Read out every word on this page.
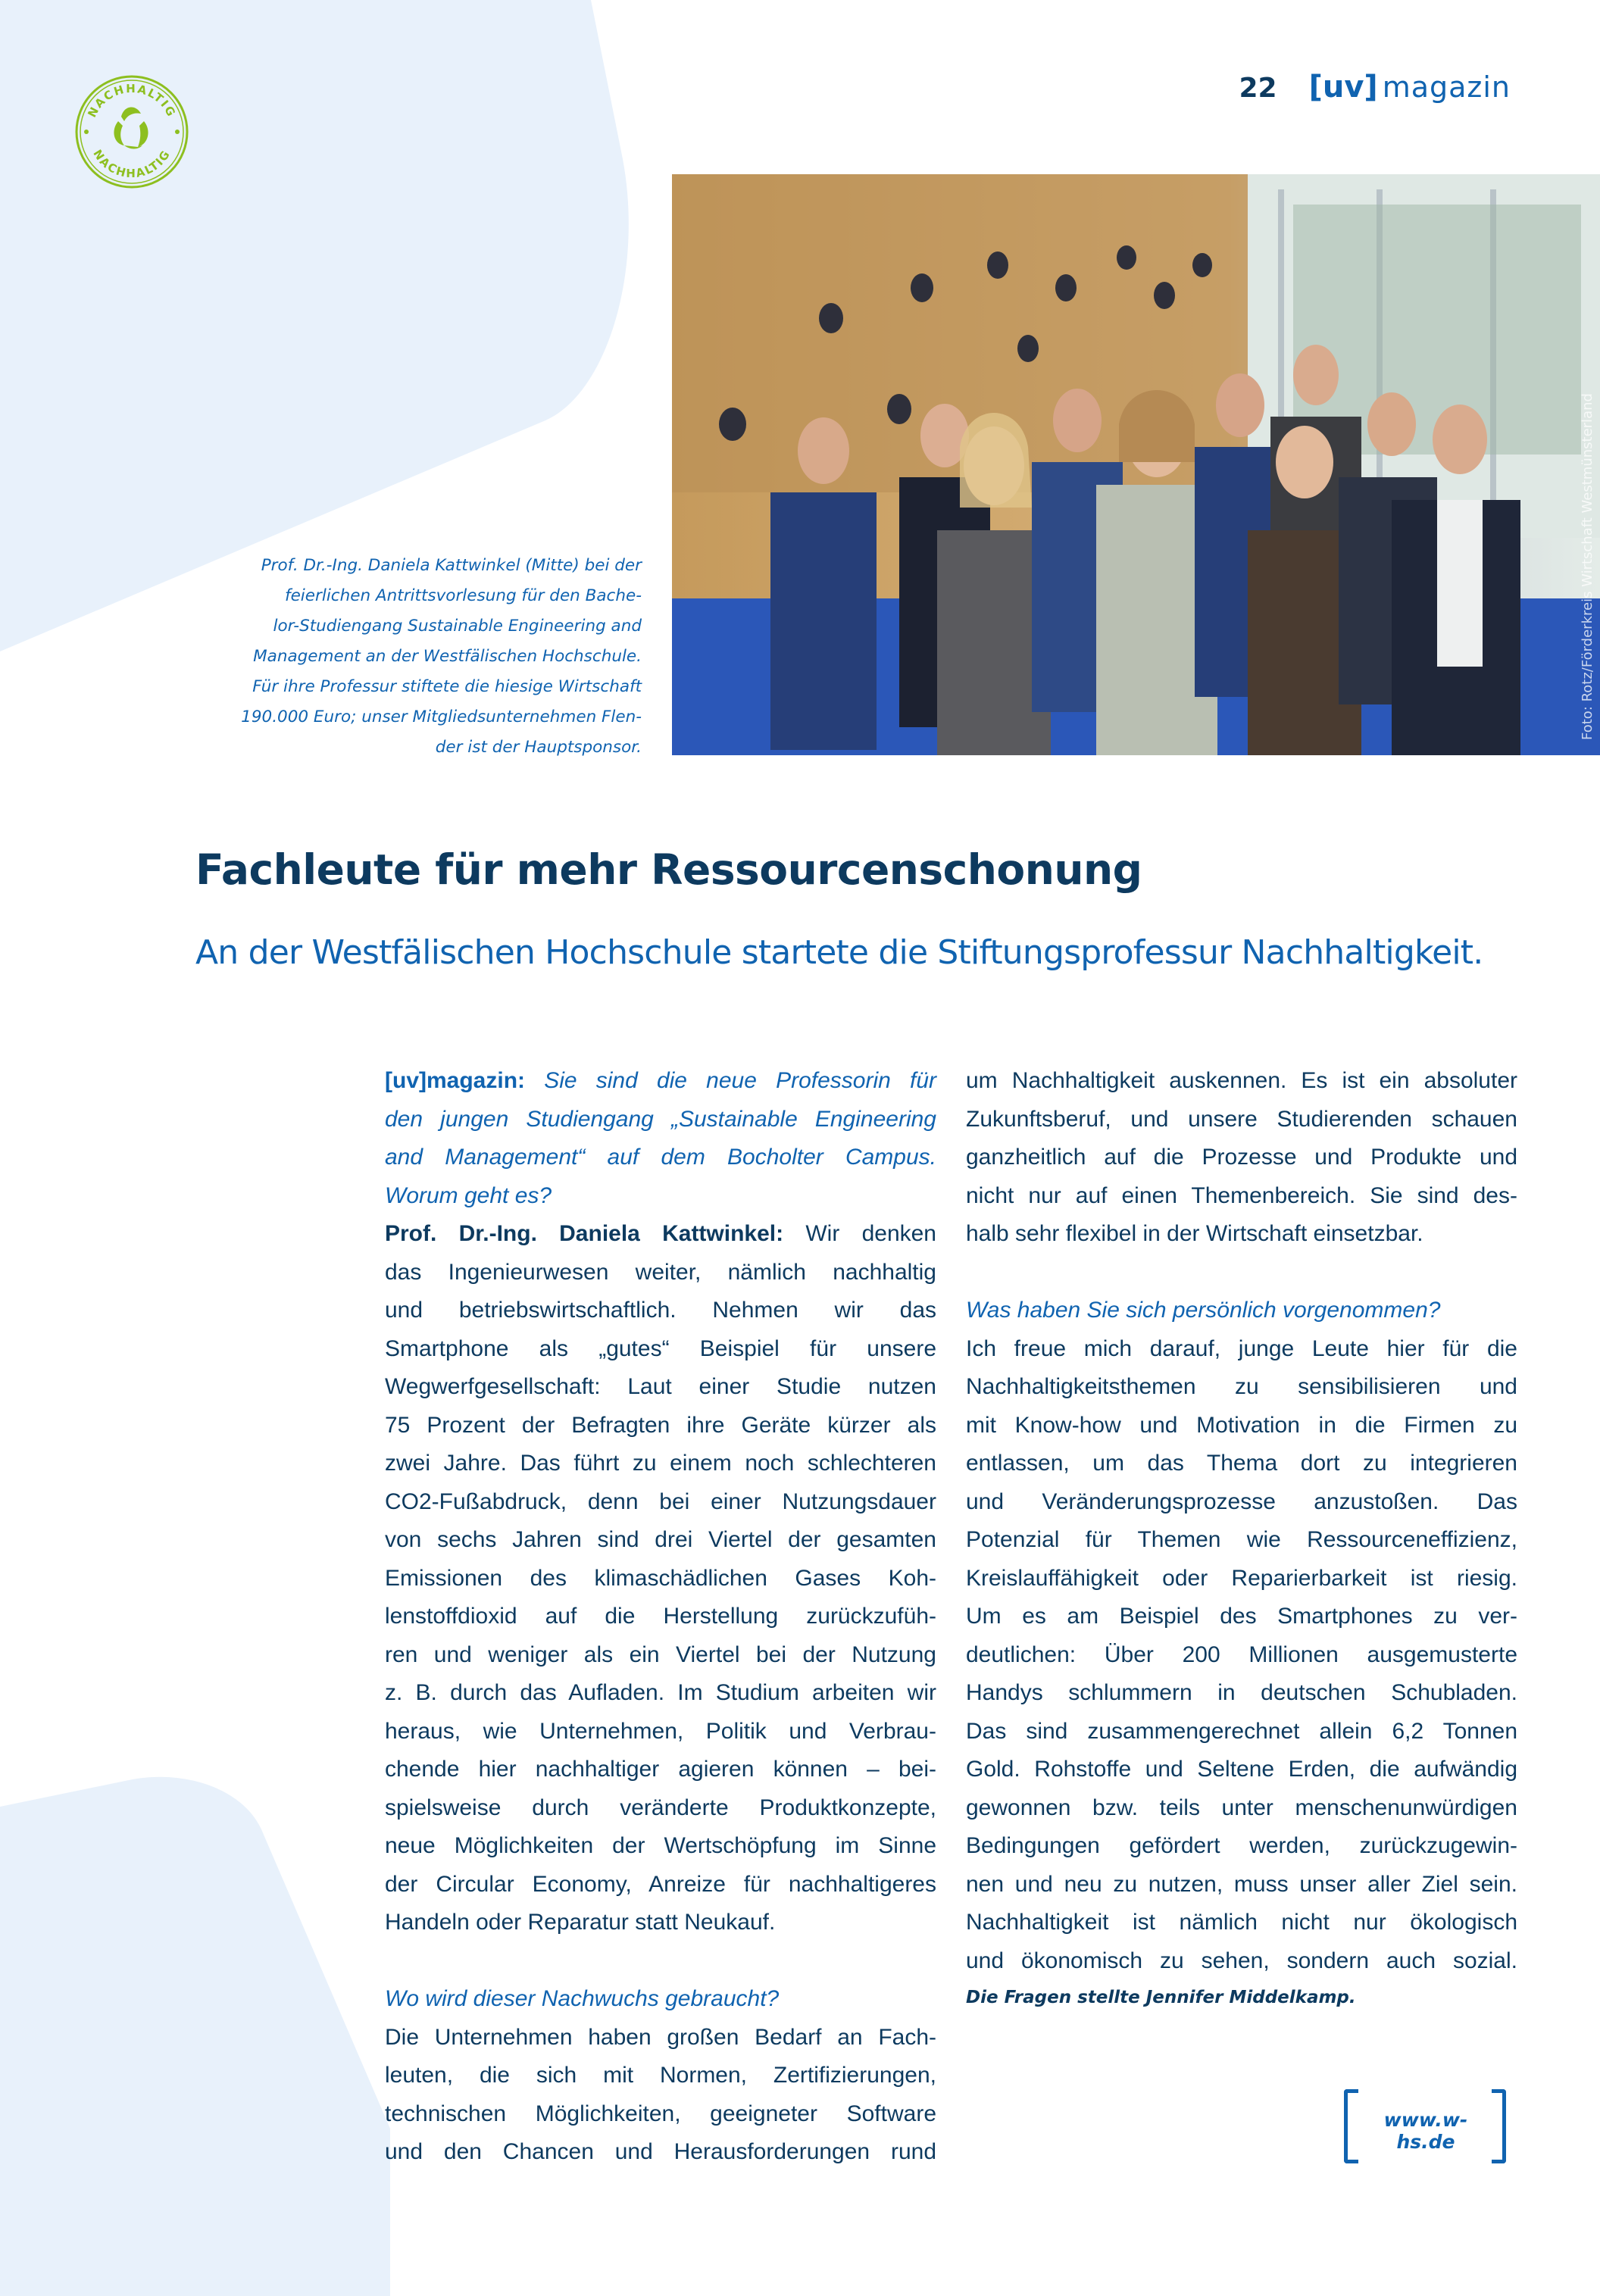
22 [uv] magazin
NACHHALTIG
NACHHALTIG
Foto: Rotz/Förderkreis Wirtschaft Westmünsterland
Prof. Dr.-Ing. Daniela Kattwinkel (Mitte) bei der
feierlichen Antrittsvorlesung für den Bache-
lor-Studiengang Sustainable Engineering and
Management an der Westfälischen Hochschule.
Für ihre Professur stiftete die hiesige Wirtschaft
190.000 Euro; unser Mitgliedsunternehmen Flen-
der ist der Hauptsponsor.
Fachleute für mehr Ressourcenschonung
An der Westfälischen Hochschule startete die Stiftungsprofessur Nachhaltigkeit.
[uv]magazin: Sie sind die neue Professorin für
den jungen Studiengang „Sustainable Engineering
and Management“ auf dem Bocholter Campus.
Worum geht es?
Prof. Dr.-Ing. Daniela Kattwinkel: Wir denken
das Ingenieurwesen weiter, nämlich nachhaltig
und betriebswirtschaftlich. Nehmen wir das
Smartphone als „gutes“ Beispiel für unsere
Wegwerfgesellschaft: Laut einer Studie nutzen
75 Prozent der Befragten ihre Geräte kürzer als
zwei Jahre. Das führt zu einem noch schlechteren
CO2-Fußabdruck, denn bei einer Nutzungsdauer
von sechs Jahren sind drei Viertel der gesamten
Emissionen des klimaschädlichen Gases Koh-
lenstoffdioxid auf die Herstellung zurückzufüh-
ren und weniger als ein Viertel bei der Nutzung
z. B. durch das Aufladen. Im Studium arbeiten wir
heraus, wie Unternehmen, Politik und Verbrau-
chende hier nachhaltiger agieren können – bei-
spielsweise durch veränderte Produktkonzepte,
neue Möglichkeiten der Wertschöpfung im Sinne
der Circular Economy, Anreize für nachhaltigeres
Handeln oder Reparatur statt Neukauf.
Wo wird dieser Nachwuchs gebraucht?
Die Unternehmen haben großen Bedarf an Fach-
leuten, die sich mit Normen, Zertifizierungen,
technischen Möglichkeiten, geeigneter Software
und den Chancen und Herausforderungen rund
um Nachhaltigkeit auskennen. Es ist ein absoluter
Zukunftsberuf, und unsere Studierenden schauen
ganzheitlich auf die Prozesse und Produkte und
nicht nur auf einen Themenbereich. Sie sind des-
halb sehr flexibel in der Wirtschaft einsetzbar.
Was haben Sie sich persönlich vorgenommen?
Ich freue mich darauf, junge Leute hier für die
Nachhaltigkeitsthemen zu sensibilisieren und
mit Know-how und Motivation in die Firmen zu
entlassen, um das Thema dort zu integrieren
und Veränderungsprozesse anzustoßen. Das
Potenzial für Themen wie Ressourceneffizienz,
Kreislauffähigkeit oder Reparierbarkeit ist riesig.
Um es am Beispiel des Smartphones zu ver-
deutlichen: Über 200 Millionen ausgemusterte
Handys schlummern in deutschen Schubladen.
Das sind zusammengerechnet allein 6,2 Tonnen
Gold. Rohstoffe und Seltene Erden, die aufwändig
gewonnen bzw. teils unter menschenunwürdigen
Bedingungen gefördert werden, zurückzugewin-
nen und neu zu nutzen, muss unser aller Ziel sein.
Nachhaltigkeit ist nämlich nicht nur ökologisch
und ökonomisch zu sehen, sondern auch sozial.
Die Fragen stellte Jennifer Middelkamp.
www.w-hs.de
